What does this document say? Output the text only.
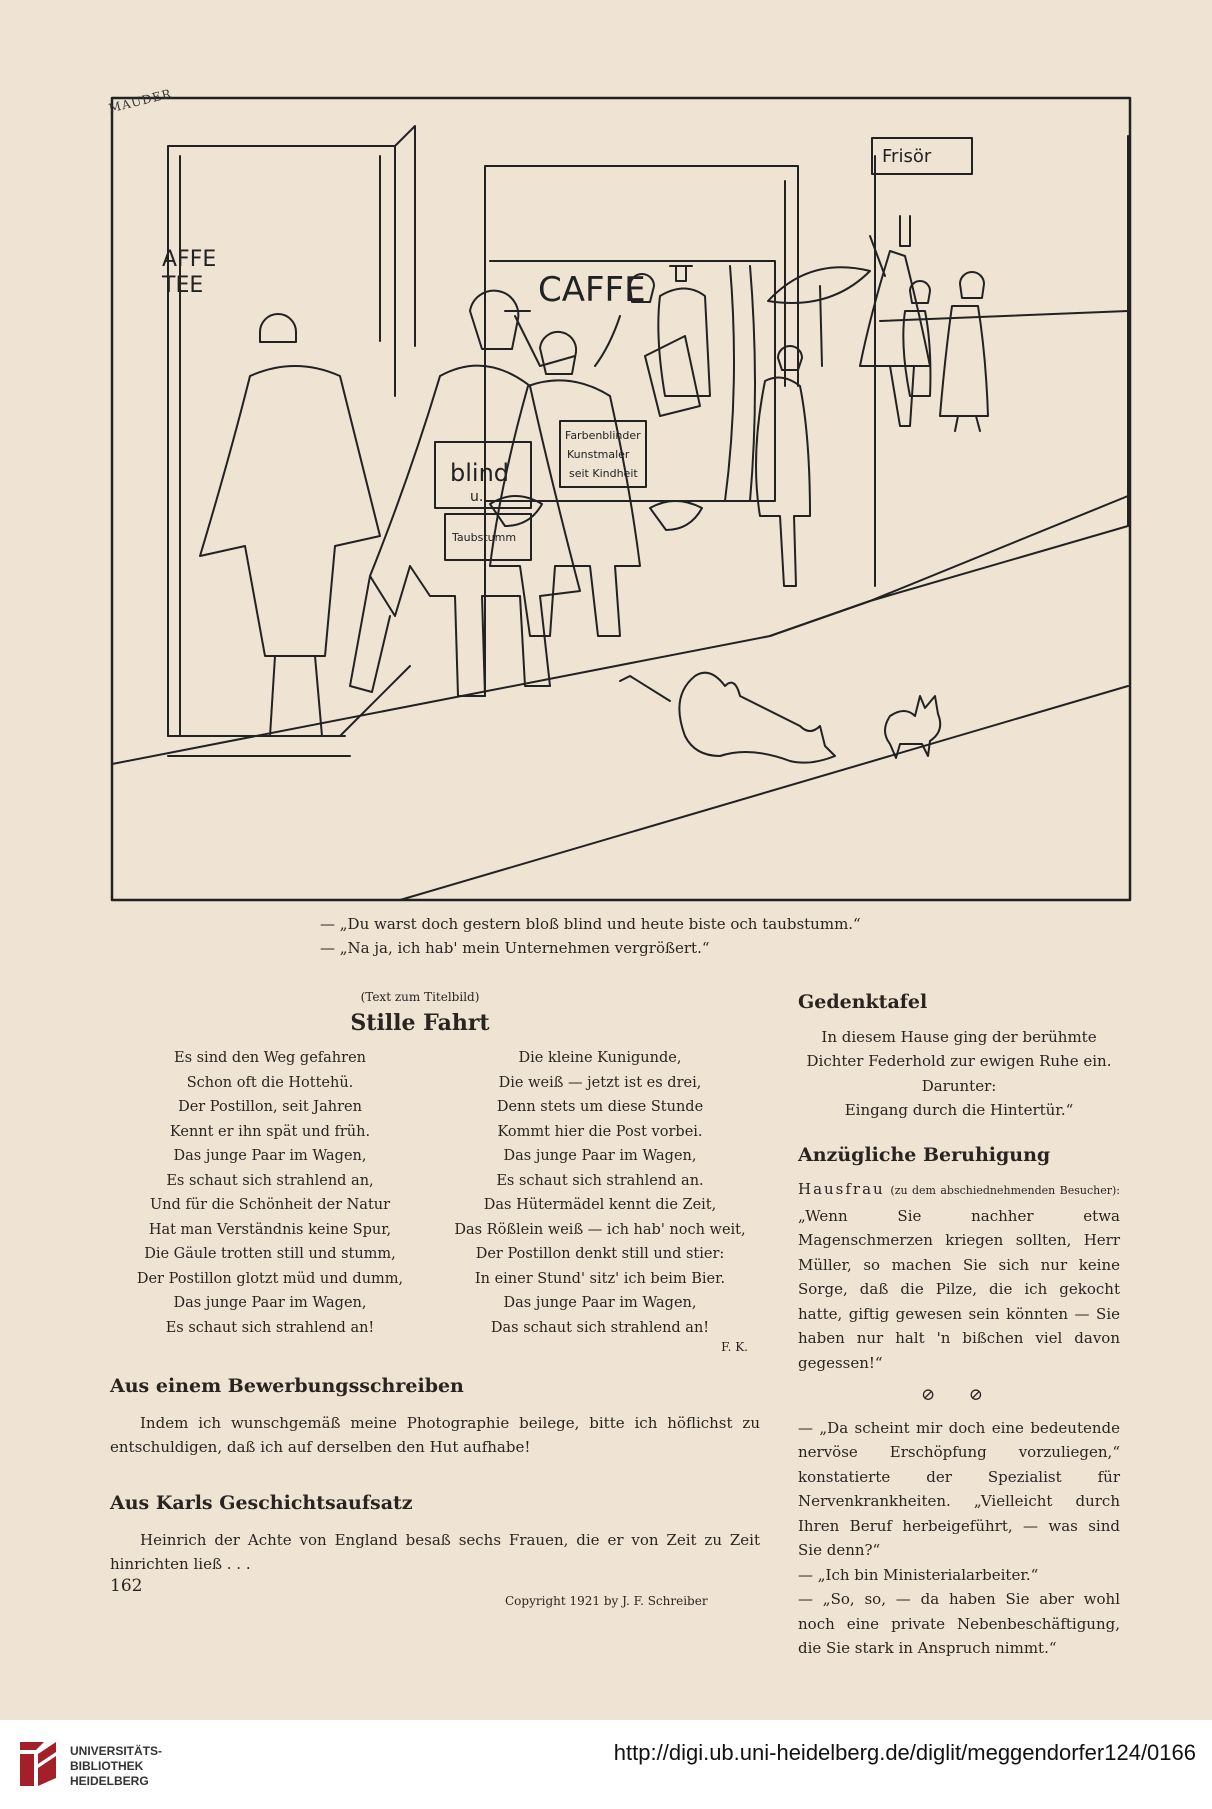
AFFE
TEE	CAFFE
Frisör
blind
u.
Taubstumm
Farbenblinder
Kunstmaler
seit Kindheit
MAUDER
— „Du warst doch gestern bloß blind und heute biste och taubstumm.“
— „Na ja, ich hab' mein Unternehmen vergrößert.“
(Text zum Titelbild)
Stille Fahrt
Es sind den Weg gefahren
Schon oft die Hottehü.
Der Postillon, seit Jahren
Kennt er ihn spät und früh.
Das junge Paar im Wagen,
Es schaut sich strahlend an,
Und für die Schönheit der Natur
Hat man Verständnis keine Spur,
Die Gäule trotten still und stumm,
Der Postillon glotzt müd und dumm,
Das junge Paar im Wagen,
Es schaut sich strahlend an!
Die kleine Kunigunde,
Die weiß — jetzt ist es drei,
Denn stets um diese Stunde
Kommt hier die Post vorbei.
Das junge Paar im Wagen,
Es schaut sich strahlend an.
Das Hütermädel kennt die Zeit,
Das Rößlein weiß — ich hab' noch weit,
Der Postillon denkt still und stier:
In einer Stund' sitz' ich beim Bier.
Das junge Paar im Wagen,
Das schaut sich strahlend an!
F. K.
Aus einem Bewerbungsschreiben

Indem ich wunschgemäß meine Photographie beilege, bitte ich höflichst zu entschuldigen, daß ich auf derselben den Hut aufhabe!

Aus Karls Geschichtsaufsatz

Heinrich der Achte von England besaß sechs Frauen, die er von Zeit zu Zeit hinrichten ließ . . .

Gedenktafel
In diesem Hause ging der berühmte Dichter Federhold zur ewigen Ruhe ein.
Darunter:
Eingang durch die Hintertür.“
Anzügliche Beruhigung
Hausfrau (zu dem abschiednehmenden Besucher): „Wenn Sie nachher etwa Magenschmerzen kriegen sollten, Herr Müller, so machen Sie sich nur keine Sorge, daß die Pilze, die ich gekocht hatte, giftig gewesen sein könnten — Sie haben nur halt 'n bißchen viel davon gegessen!“
⊘ ⊘
— „Da scheint mir doch eine bedeutende nervöse Erschöpfung vorzuliegen,“ konstatierte der Spezialist für Nervenkrankheiten. „Vielleicht durch Ihren Beruf herbeigeführt, — was sind Sie denn?“
— „Ich bin Ministerialarbeiter.“
— „So, so, — da haben Sie aber wohl noch eine private Nebenbeschäftigung, die Sie stark in Anspruch nimmt.“
162
Copyright 1921 by J. F. Schreiber
UNIVERSITÄTS-
BIBLIOTHEK
HEIDELBERG
http://digi.ub.uni-heidelberg.de/diglit/meggendorfer124/0166
